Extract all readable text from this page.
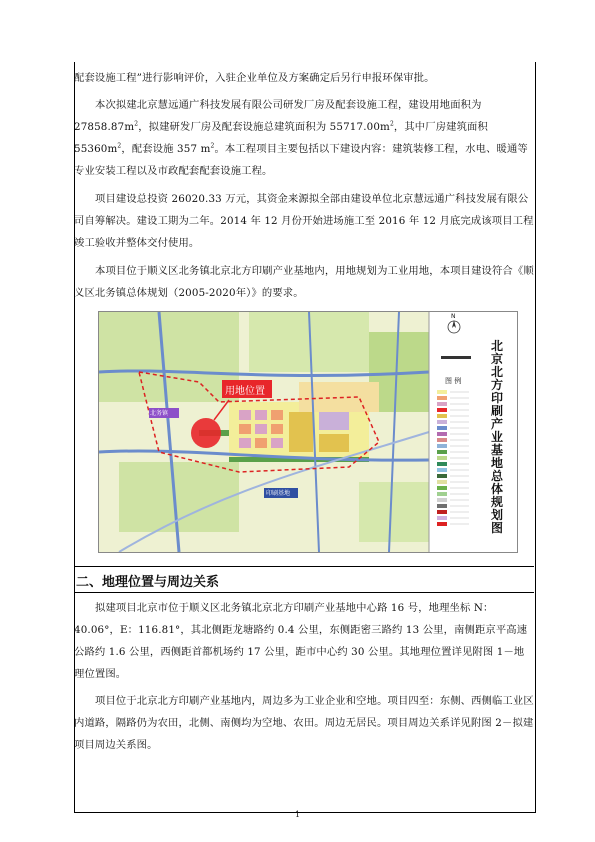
配套设施工程”进行影响评价，入驻企业单位及方案确定后另行申报环保审批。

本次拟建北京慧远通广科技发展有限公司研发厂房及配套设施工程，建设用地面积为 $27858.87m^2$，拟建研发厂房及配套设施总建筑面积为 $55717.00m^2$，其中厂房建筑面积 $55360m^2$，配套设施 357 $m^2$。本工程项目主要包括以下建设内容：建筑装修工程，水电、暖通等专业安装工程以及市政配套配套设施工程。

项目建设总投资 26020.33 万元，其资金来源拟全部由建设单位北京慧远通广科技发展有限公司自筹解决。建设工期为二年。2014 年 12 月份开始进场施工至 2016 年 12 月底完成该项目工程竣工验收并整体交付使用。

本项目位于顺义区北务镇北京北方印刷产业基地内，用地规划为工业用地，本项目建设符合《顺义区北务镇总体规划（2005-2020年）》的要求。

N
用地位置
北务镇
印刷基地
图 例
北京北方印刷产业基地总体规划图
二、地理位置与周边关系

拟建项目北京市位于顺义区北务镇北京北方印刷产业基地中心路 16 号，地理坐标 N：40.06°，E：116.81°，其北侧距龙塘路约 0.4 公里，东侧距密三路约 13 公里，南侧距京平高速公路约 1.6 公里，西侧距首都机场约 17 公里，距市中心约 30 公里。其地理位置详见附图 1－地理位置图。

项目位于北京北方印刷产业基地内，周边多为工业企业和空地。项目四至：东侧、西侧临工业区内道路，隔路仍为农田，北侧、南侧均为空地、农田。周边无居民。项目周边关系详见附图 2－拟建项目周边关系图。

1
